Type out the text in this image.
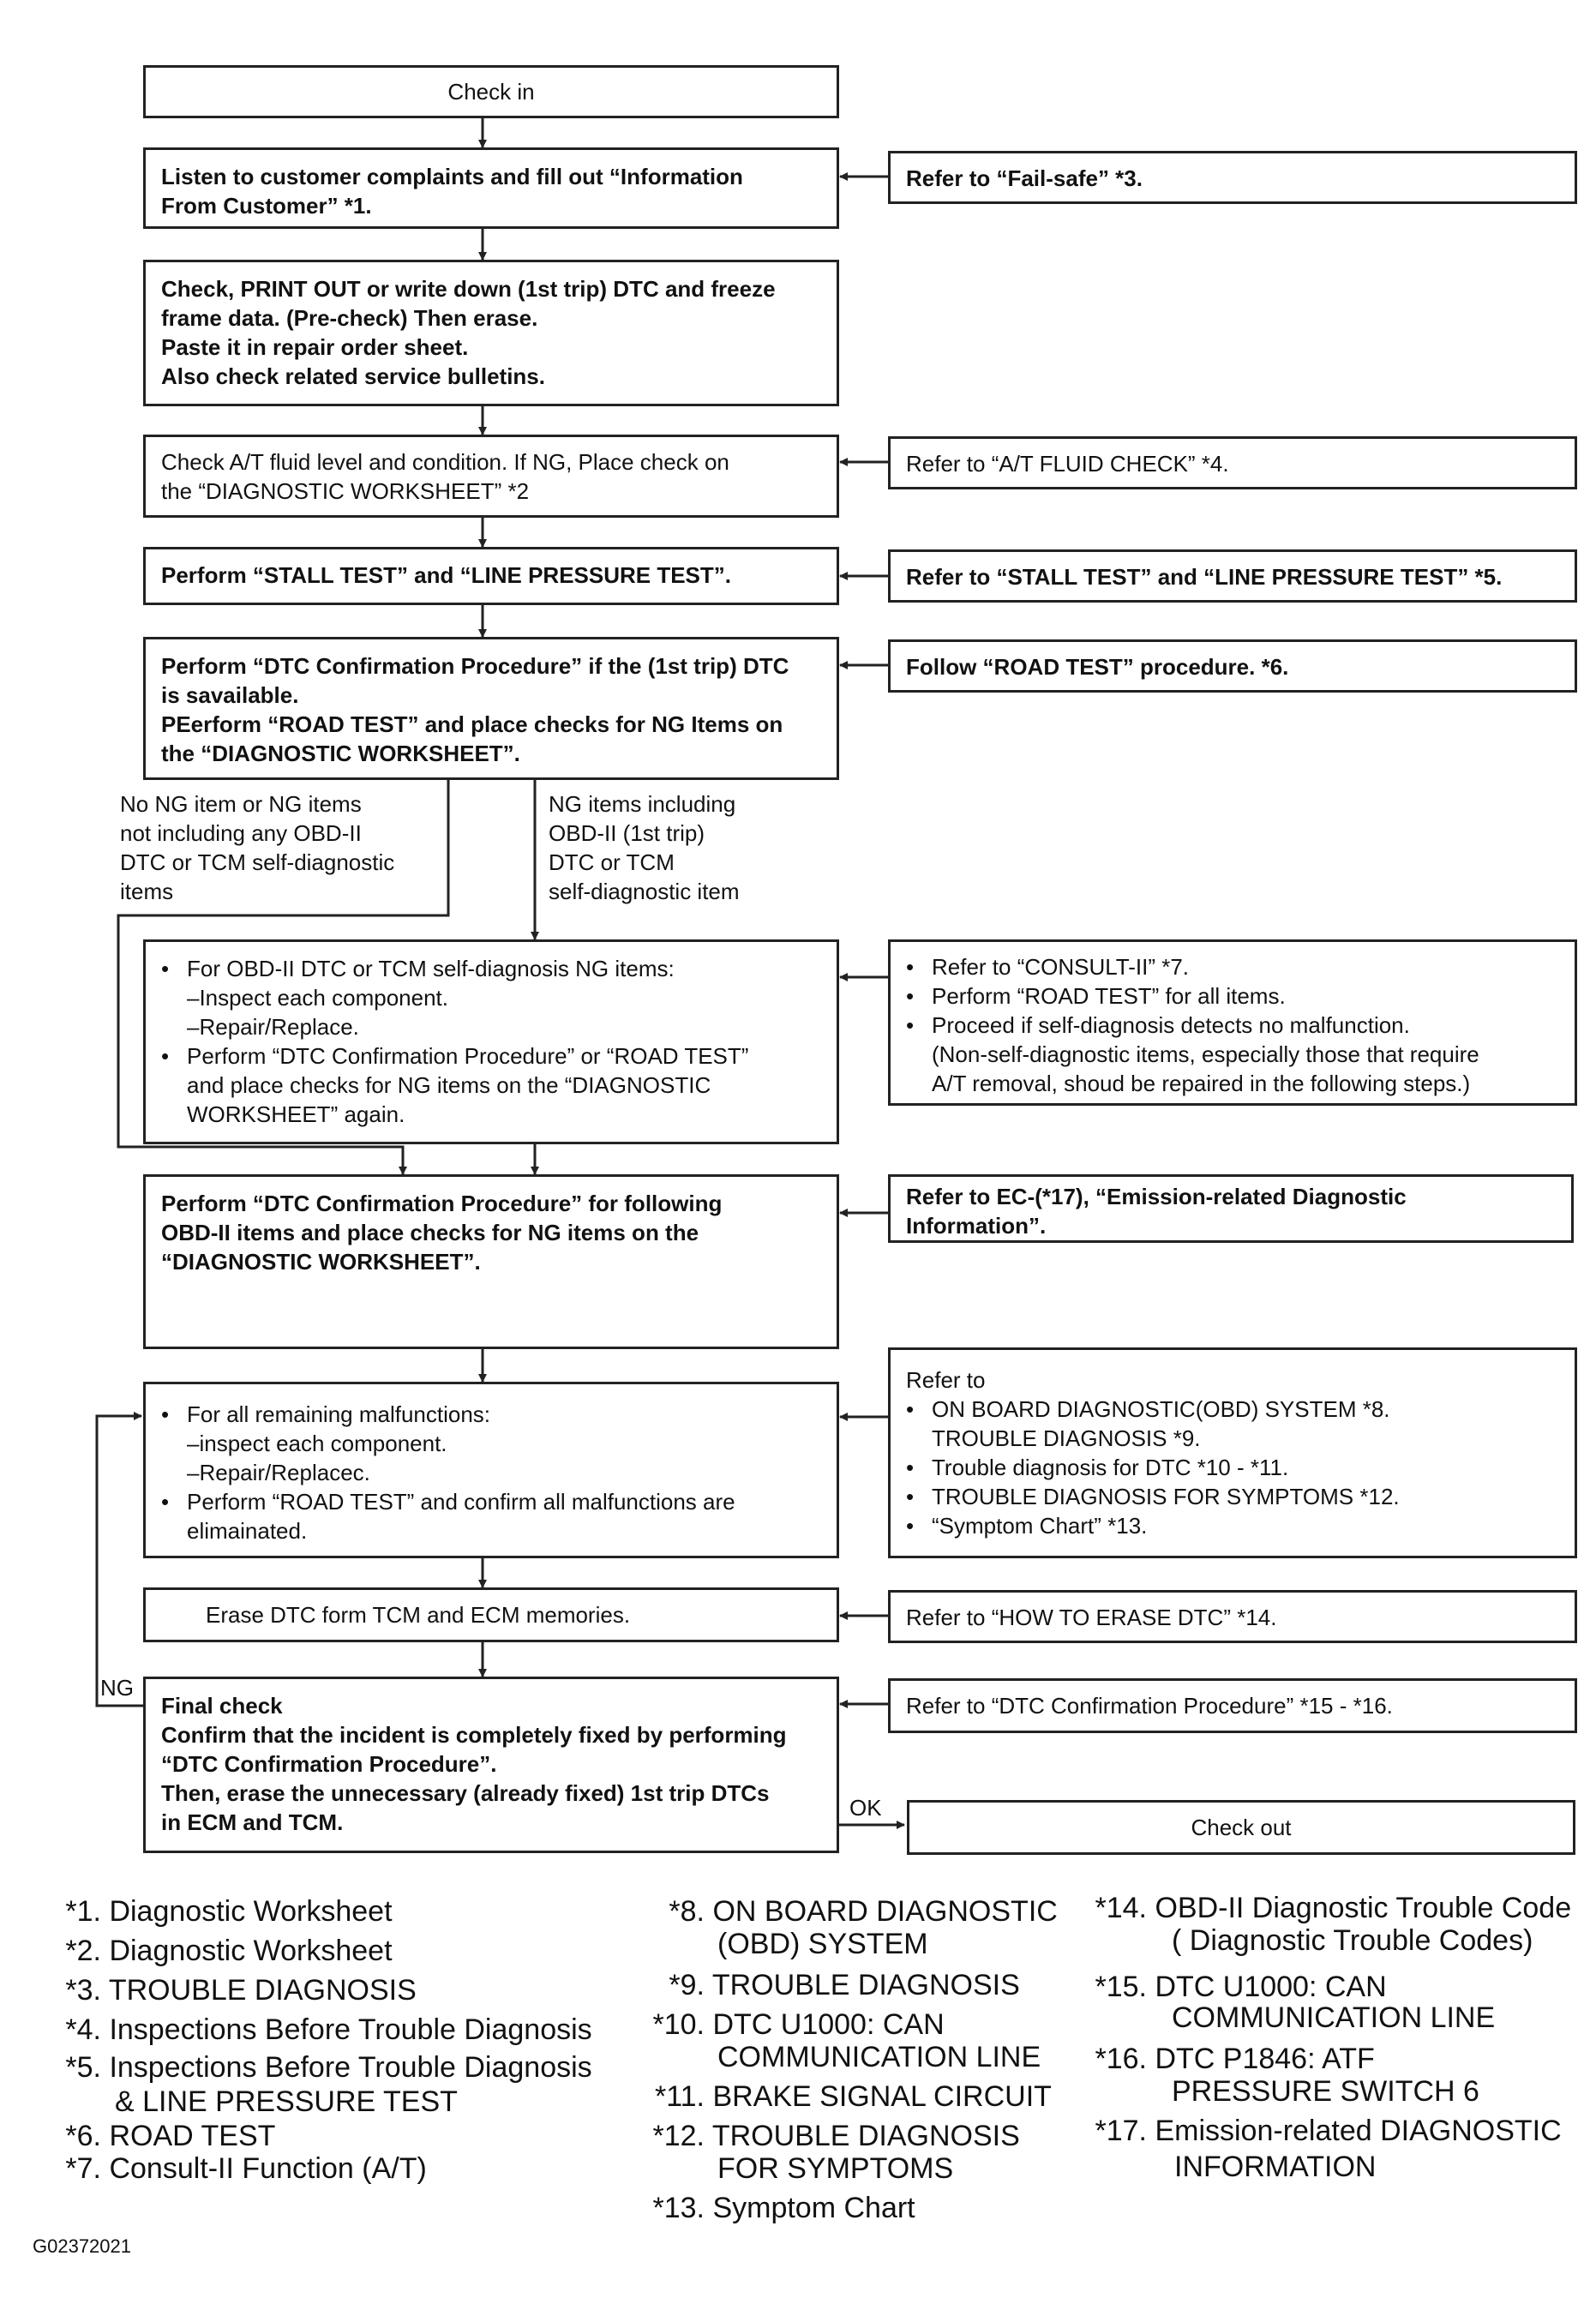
Check in
Listen to customer complaints and fill out “Information
From Customer” *1.
Check, PRINT OUT or write down (1st trip) DTC and freeze
frame data. (Pre-check) Then erase.
Paste it in repair order sheet.
Also check related service bulletins.
Check A/T fluid level and condition. If NG, Place check on
the “DIAGNOSTIC WORKSHEET” *2
Perform “STALL TEST” and “LINE PRESSURE TEST”.
Perform “DTC Confirmation Procedure” if the (1st trip) DTC
is savailable.
PEerform “ROAD TEST” and place checks for NG Items on
the “DIAGNOSTIC WORKSHEET”.
No NG item or NG items
not including any OBD-II
DTC or TCM self-diagnostic
items
NG items including
OBD-II (1st trip)
DTC or TCM
self-diagnostic item
• For OBD-II DTC or TCM self-diagnosis NG items:
–Inspect each component.
–Repair/Replace.
• Perform “DTC Confirmation Procedure” or “ROAD TEST”
and place checks for NG items on the “DIAGNOSTIC
WORKSHEET” again.
Perform “DTC Confirmation Procedure” for following
OBD-II items and place checks for NG items on the
“DIAGNOSTIC WORKSHEET”.
• For all remaining malfunctions:
–inspect each component.
–Repair/Replacec.
• Perform “ROAD TEST” and confirm all malfunctions are
elimainated.
Erase DTC form TCM and ECM memories.
Final check
Confirm that the incident is completely fixed by performing
“DTC Confirmation Procedure”.
Then, erase the unnecessary (already fixed) 1st trip DTCs
in ECM and TCM.
NG
OK
Check out
Refer to “Fail-safe” *3.
Refer to “A/T FLUID CHECK” *4.
Refer to “STALL TEST” and “LINE PRESSURE TEST” *5.
Follow “ROAD TEST” procedure. *6.
• Refer to “CONSULT-II” *7.
• Perform “ROAD TEST” for all items.
• Proceed if self-diagnosis detects no malfunction.
(Non-self-diagnostic items, especially those that require
A/T removal, shoud be repaired in the following steps.)
Refer to EC-(*17), “Emission-related Diagnostic
Information”.
Refer to
• ON BOARD DIAGNOSTIC(OBD) SYSTEM *8.
TROUBLE DIAGNOSIS *9.
• Trouble diagnosis for DTC *10 - *11.
• TROUBLE DIAGNOSIS FOR SYMPTOMS *12.
• “Symptom Chart” *13.
Refer to “HOW TO ERASE DTC” *14.
Refer to “DTC Confirmation Procedure” *15 - *16.
*1. Diagnostic Worksheet
*2. Diagnostic Worksheet
*3. TROUBLE DIAGNOSIS
*4. Inspections Before Trouble Diagnosis
*5. Inspections Before Trouble Diagnosis
& LINE PRESSURE TEST
*6. ROAD TEST
*7. Consult-II Function (A/T)
*8. ON BOARD DIAGNOSTIC
(OBD) SYSTEM
*9. TROUBLE DIAGNOSIS
*10. DTC U1000: CAN
COMMUNICATION LINE
*11. BRAKE SIGNAL CIRCUIT
*12. TROUBLE DIAGNOSIS
FOR SYMPTOMS
*13. Symptom Chart
*14. OBD-II Diagnostic Trouble Code
( Diagnostic Trouble Codes)
*15. DTC U1000: CAN
COMMUNICATION LINE
*16. DTC P1846: ATF
PRESSURE SWITCH 6
*17. Emission-related DIAGNOSTIC
INFORMATION
G02372021
